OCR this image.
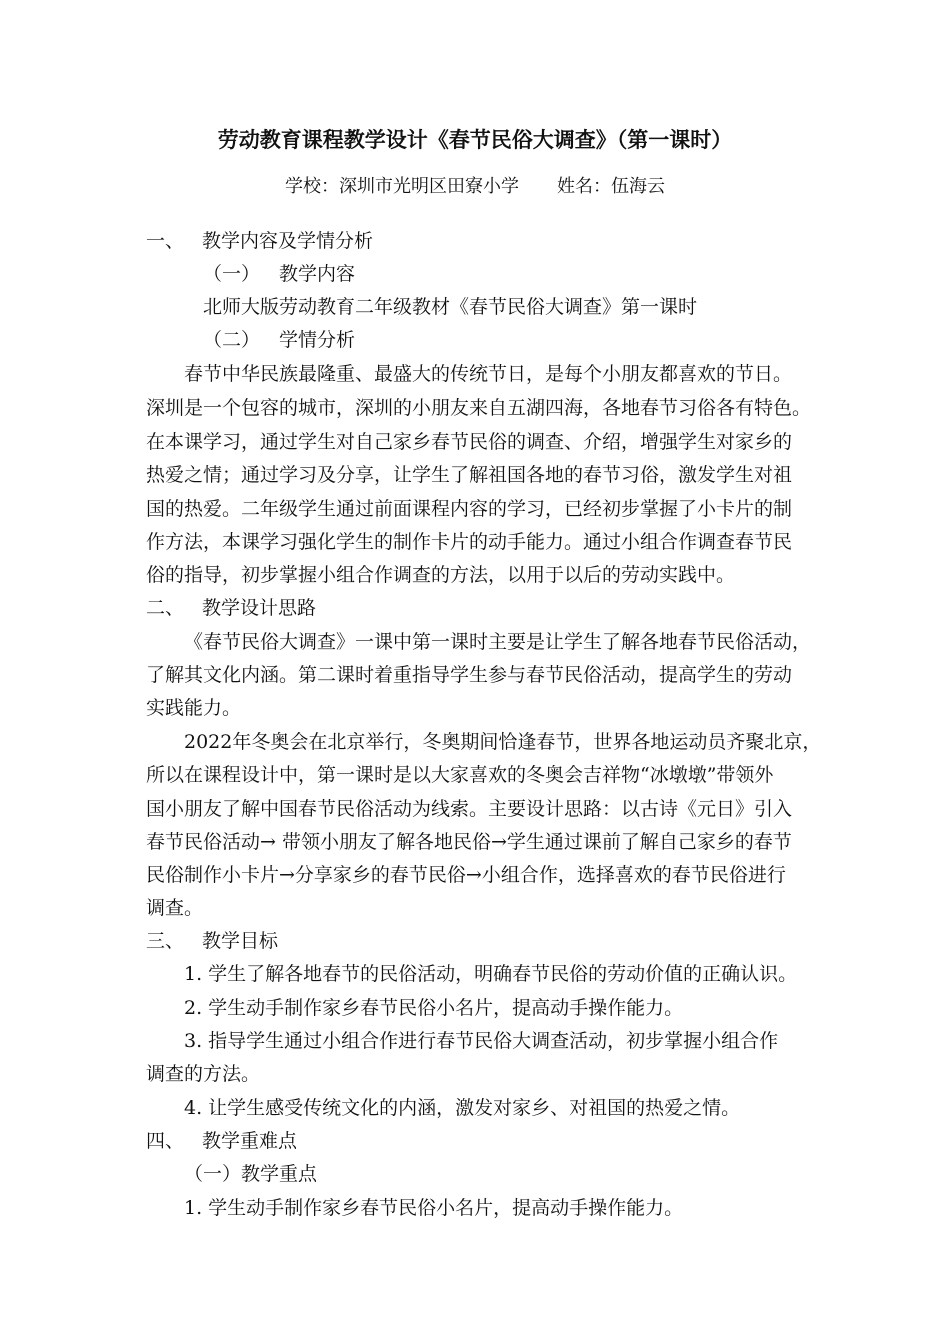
劳动教育课程教学设计《春节民俗大调查》（第一课时）
学校：深圳市光明区田寮小学 姓名：伍海云
一、 教学内容及学情分析
（一） 教学内容
北师大版劳动教育二年级教材《春节民俗大调查》第一课时
（二） 学情分析
春节中华民族最隆重、最盛大的传统节日，是每个小朋友都喜欢的节日。
深圳是一个包容的城市，深圳的小朋友来自五湖四海，各地春节习俗各有特色。
在本课学习，通过学生对自己家乡春节民俗的调查、介绍，增强学生对家乡的
热爱之情；通过学习及分享，让学生了解祖国各地的春节习俗，激发学生对祖
国的热爱。二年级学生通过前面课程内容的学习，已经初步掌握了小卡片的制
作方法，本课学习强化学生的制作卡片的动手能力。通过小组合作调查春节民
俗的指导，初步掌握小组合作调查的方法，以用于以后的劳动实践中。
二、 教学设计思路
《春节民俗大调查》一课中第一课时主要是让学生了解各地春节民俗活动，
了解其文化内涵。第二课时着重指导学生参与春节民俗活动，提高学生的劳动
实践能力。
2022年冬奥会在北京举行，冬奥期间恰逢春节，世界各地运动员齐聚北京，
所以在课程设计中，第一课时是以大家喜欢的冬奥会吉祥物“冰墩墩”带领外
国小朋友了解中国春节民俗活动为线索。主要设计思路：以古诗《元日》引入
春节民俗活动→ 带领小朋友了解各地民俗→学生通过课前了解自己家乡的春节
民俗制作小卡片→分享家乡的春节民俗→小组合作，选择喜欢的春节民俗进行
调查。
三、 教学目标
1. 学生了解各地春节的民俗活动，明确春节民俗的劳动价值的正确认识。
2. 学生动手制作家乡春节民俗小名片，提高动手操作能力。
3. 指导学生通过小组合作进行春节民俗大调查活动，初步掌握小组合作
调查的方法。
4. 让学生感受传统文化的内涵，激发对家乡、对祖国的热爱之情。
四、 教学重难点
（一）教学重点
1. 学生动手制作家乡春节民俗小名片，提高动手操作能力。
